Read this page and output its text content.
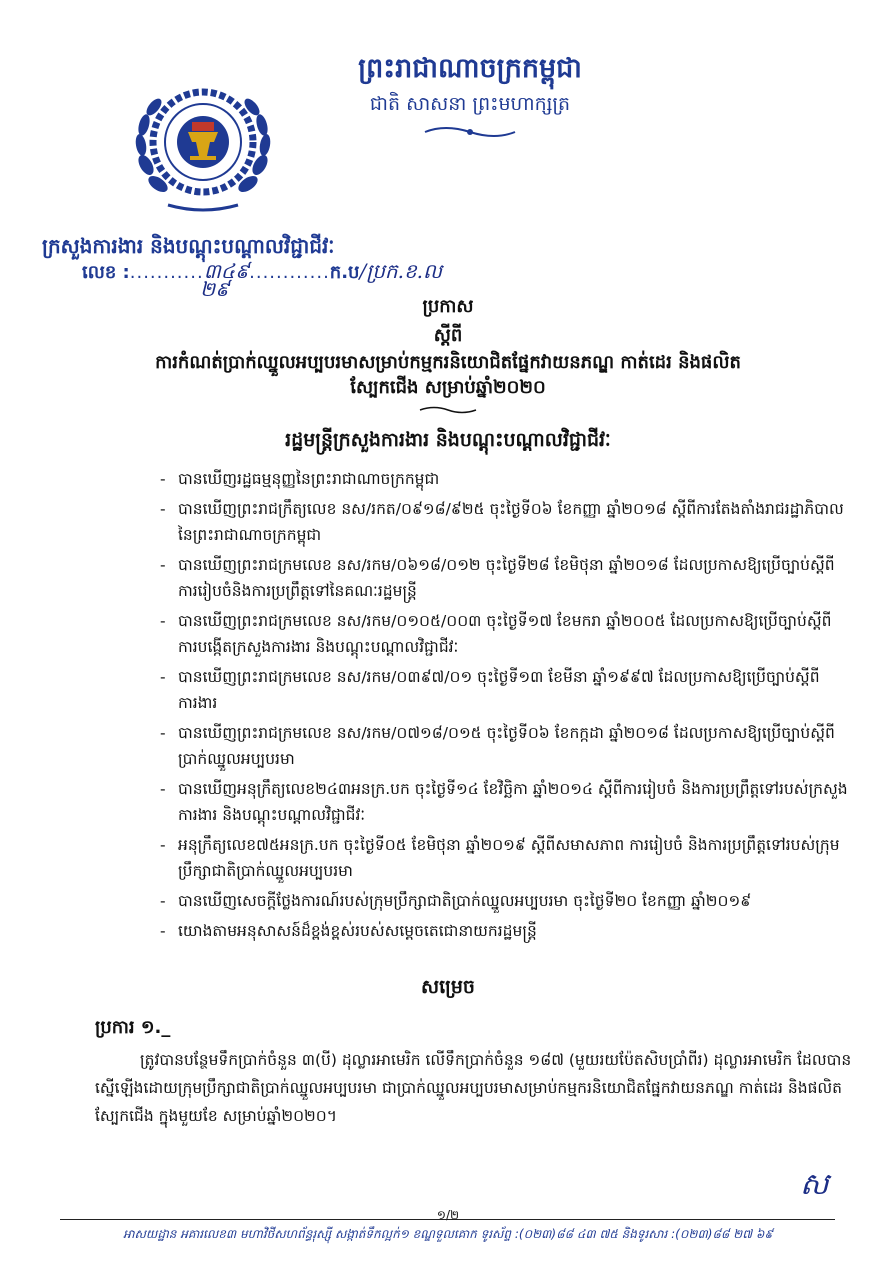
ព្រះរាជាណាចក្រកម្ពុជា
ជាតិ សាសនា ព្រះមហាក្សត្រ
ក្រសួងការងារ និងបណ្តុះបណ្តាលវិជ្ជាជីវៈ
លេខ :...........៣៤៩............ក.ប/ប្រក.ខ.ល
២៩
ប្រកាស
ស្តីពី
ការកំណត់ប្រាក់ឈ្នួលអប្បបរមាសម្រាប់កម្មករនិយោជិតផ្នែកវាយនភណ្ឌ កាត់ដេរ និងផលិតស្បែកជើង សម្រាប់ឆ្នាំ២០២០
រដ្ឋមន្រ្តីក្រសួងការងារ និងបណ្តុះបណ្តាលវិជ្ជាជីវៈ
- បានឃើញរដ្ឋធម្មនុញ្ញនៃព្រះរាជាណាចក្រកម្ពុជា
- បានឃើញព្រះរាជក្រឹត្យលេខ នស/រកត/០៩១៨/៩២៥ ចុះថ្ងៃទី០៦ ខែកញ្ញា ឆ្នាំ២០១៨ ស្តីពីការតែងតាំងរាជរដ្ឋាភិបាលនៃព្រះរាជាណាចក្រកម្ពុជា
- បានឃើញព្រះរាជក្រមលេខ នស/រកម/០៦១៨/០១២ ចុះថ្ងៃទី២៨ ខែមិថុនា ឆ្នាំ២០១៨ ដែលប្រកាសឱ្យប្រើច្បាប់ស្តីពីការរៀបចំនិងការប្រព្រឹត្តទៅនៃគណៈរដ្ឋមន្ត្រី
- បានឃើញព្រះរាជក្រមលេខ នស/រកម/០១០៥/០០៣ ចុះថ្ងៃទី១៧ ខែមករា ឆ្នាំ២០០៥ ដែលប្រកាសឱ្យប្រើច្បាប់ស្តីពីការបង្កើតក្រសួងការងារ និងបណ្តុះបណ្តាលវិជ្ជាជីវៈ
- បានឃើញព្រះរាជក្រមលេខ នស/រកម/០៣៩៧/០១ ចុះថ្ងៃទី១៣ ខែមីនា ឆ្នាំ១៩៩៧ ដែលប្រកាសឱ្យប្រើច្បាប់ស្តីពីការងារ
- បានឃើញព្រះរាជក្រមលេខ នស/រកម/០៧១៨/០១៥ ចុះថ្ងៃទី០៦ ខែកក្កដា ឆ្នាំ២០១៨ ដែលប្រកាសឱ្យប្រើច្បាប់ស្តីពីប្រាក់ឈ្នួលអប្បបរមា
- បានឃើញអនុក្រឹត្យលេខ២៤៣អនក្រ.បក ចុះថ្ងៃទី១៤ ខែវិច្ឆិកា ឆ្នាំ២០១៤ ស្តីពីការរៀបចំ និងការប្រព្រឹត្តទៅរបស់ក្រសួងការងារ និងបណ្តុះបណ្តាលវិជ្ជាជីវៈ
- អនុក្រឹត្យលេខ៧៥អនក្រ.បក ចុះថ្ងៃទី០៥ ខែមិថុនា ឆ្នាំ២០១៩ ស្តីពីសមាសភាព ការរៀបចំ និងការប្រព្រឹត្តទៅរបស់ក្រុមប្រឹក្សាជាតិប្រាក់ឈ្នួលអប្បបរមា
- បានឃើញសេចក្តីថ្លែងការណ៍របស់ក្រុមប្រឹក្សាជាតិប្រាក់ឈ្នួលអប្បបរមា ចុះថ្ងៃទី២០ ខែកញ្ញា ឆ្នាំ២០១៩
- យោងតាមអនុសាសន៍ដ៏ខ្ពង់ខ្ពស់របស់សម្តេចតេជោនាយករដ្ឋមន្ត្រី
សម្រេច
ប្រការ ១._
ត្រូវបានបន្ថែមទឹកប្រាក់ចំនួន ៣(បី) ដុល្លារអាមេរិក លើទឹកប្រាក់ចំនួន ១៨៧ (មួយរយប៉ែតសិបប្រាំពីរ) ដុល្លារអាមេរិក ដែលបានស្នើឡើងដោយក្រុមប្រឹក្សាជាតិប្រាក់ឈ្នួលអប្បបរមា ជាប្រាក់ឈ្នួលអប្បបរមាសម្រាប់កម្មករនិយោជិតផ្នែកវាយនភណ្ឌ កាត់ដេរ និងផលិតស្បែកជើង ក្នុងមួយខែ សម្រាប់ឆ្នាំ២០២០។
ស
១/២
អាសយដ្ឋាន អគារលេខ៣ មហាវិថីសហព័ន្ធរុស្ស៊ី សង្កាត់ទឹកល្អក់១ ខណ្ឌទួលគោក ទូរស័ព្ទ :(០២៣)៨៨ ៤៣ ៧៥ និងទូរសារ :(០២៣)៨៨ ២៧ ៦៩
